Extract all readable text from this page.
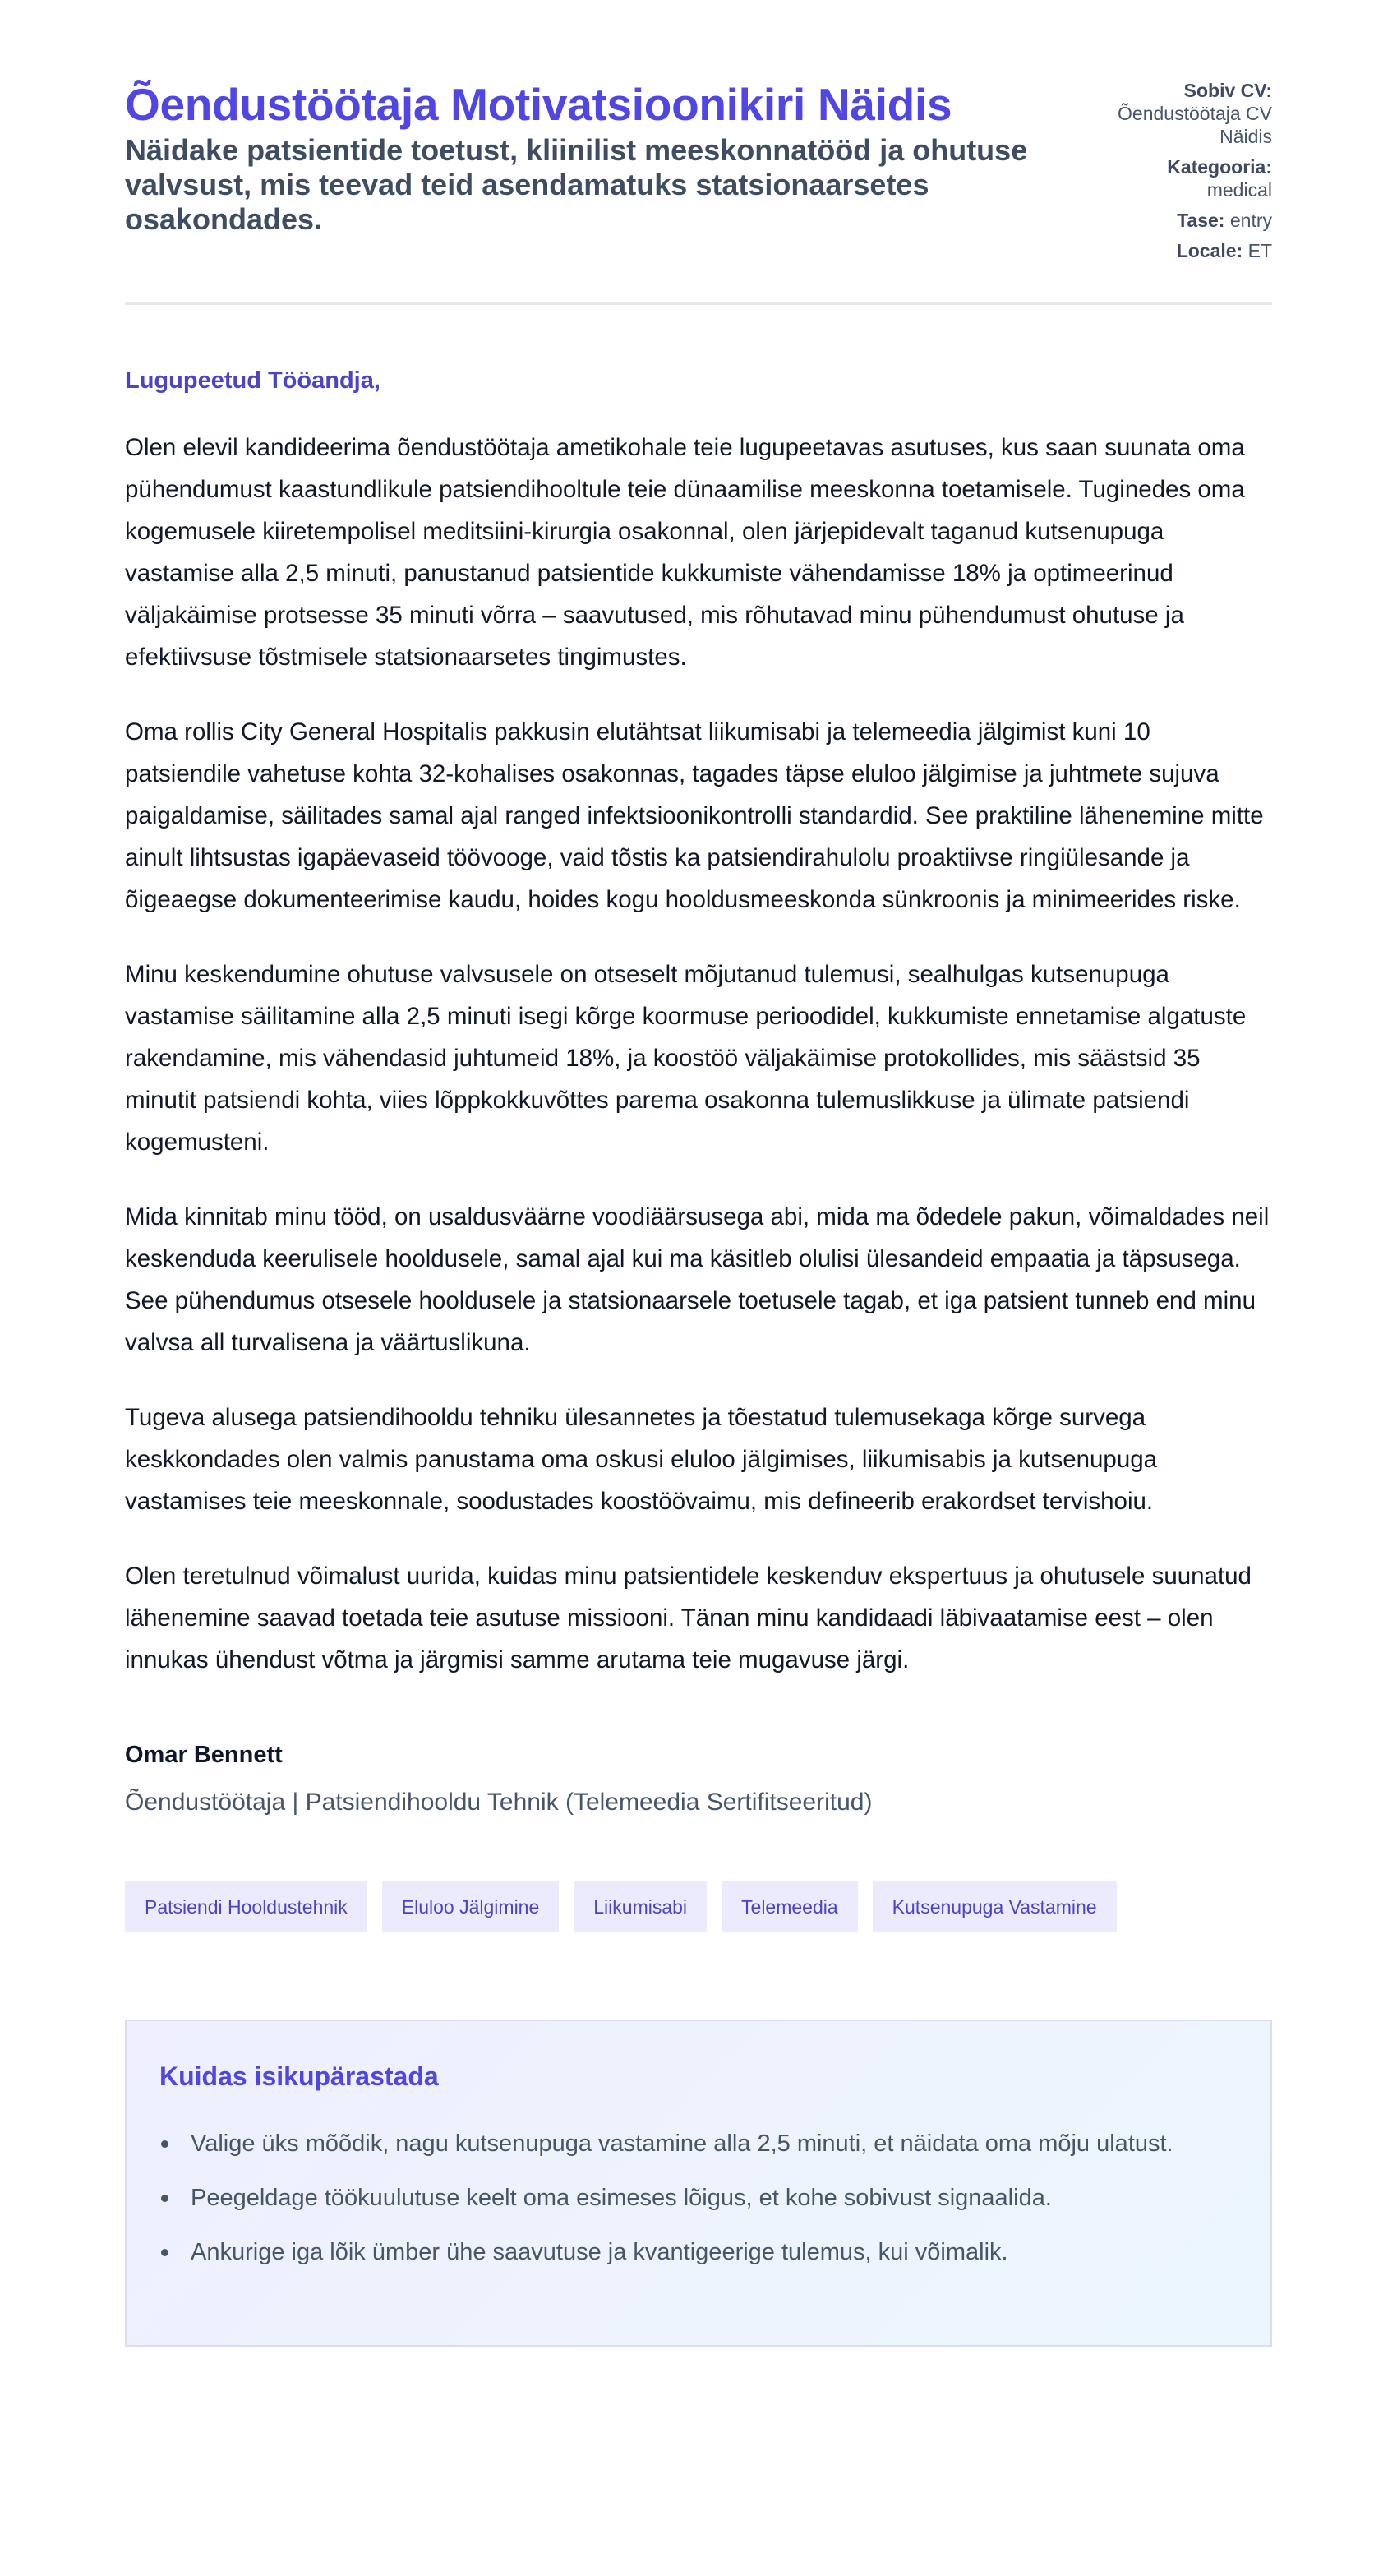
Õendustöötaja Motivatsioonikiri Näidis
Näidake patsientide toetust, kliinilist meeskonnatööd ja ohutuse valvsust, mis teevad teid asendamatuks statsionaarsetes osakondades.
Sobiv CV:
Õendustöötaja CV Näidis
Kategooria:
medical
Tase: entry
Locale: ET

Lugupeetud Tööandja,

Olen elevil kandideerima õendustöötaja ametikohale teie lugupeetavas asutuses, kus saan suunata oma pühendumust kaastundlikule patsiendihooltule teie dünaamilise meeskonna toetamisele. Tuginedes oma kogemusele kiiretempolisel meditsiini-kirurgia osakonnal, olen järjepidevalt taganud kutsenupuga vastamise alla 2,5 minuti, panustanud patsientide kukkumiste vähendamisse 18% ja optimeerinud väljakäimise protsesse 35 minuti võrra – saavutused, mis rõhutavad minu pühendumust ohutuse ja efektiivsuse tõstmisele statsionaarsetes tingimustes.

Oma rollis City General Hospitalis pakkusin elutähtsat liikumisabi ja telemeedia jälgimist kuni 10 patsiendile vahetuse kohta 32-kohalises osakonnas, tagades täpse eluloo jälgimise ja juhtmete sujuva paigaldamise, säilitades samal ajal ranged infektsioonikontrolli standardid. See praktiline lähenemine mitte ainult lihtsustas igapäevaseid töövooge, vaid tõstis ka patsiendirahulolu proaktiivse ringiülesande ja õigeaegse dokumenteerimise kaudu, hoides kogu hooldusmeeskonda sünkroonis ja minimeerides riske.

Minu keskendumine ohutuse valvsusele on otseselt mõjutanud tulemusi, sealhulgas kutsenupuga vastamise säilitamine alla 2,5 minuti isegi kõrge koormuse perioodidel, kukkumiste ennetamise algatuste rakendamine, mis vähendasid juhtumeid 18%, ja koostöö väljakäimise protokollides, mis säästsid 35 minutit patsiendi kohta, viies lõppkokkuvõttes parema osakonna tulemuslikkuse ja ülimate patsiendi kogemusteni.

Mida kinnitab minu tööd, on usaldusväärne voodiäärsusega abi, mida ma õdedele pakun, võimaldades neil keskenduda keerulisele hooldusele, samal ajal kui ma käsitleb olulisi ülesandeid empaatia ja täpsusega. See pühendumus otsesele hooldusele ja statsionaarsele toetusele tagab, et iga patsient tunneb end minu valvsa all turvalisena ja väärtuslikuna.

Tugeva alusega patsiendihooldu tehniku ülesannetes ja tõestatud tulemusekaga kõrge survega keskkondades olen valmis panustama oma oskusi eluloo jälgimises, liikumisabis ja kutsenupuga vastamises teie meeskonnale, soodustades koostöövaimu, mis defineerib erakordset tervishoiu.

Olen teretulnud võimalust uurida, kuidas minu patsientidele keskenduv ekspertuus ja ohutusele suunatud lähenemine saavad toetada teie asutuse missiooni. Tänan minu kandidaadi läbivaatamise eest – olen innukas ühendust võtma ja järgmisi samme arutama teie mugavuse järgi.

Omar Bennett
Õendustöötaja | Patsiendihooldu Tehnik (Telemeedia Sertifitseeritud)
Patsiendi Hooldustehnik	Eluloo Jälgimine	Liikumisabi	Telemeedia	Kutsenupuga Vastamine
Kuidas isikupärastada
Valige üks mõõdik, nagu kutsenupuga vastamine alla 2,5 minuti, et näidata oma mõju ulatust.
Peegeldage töökuulutuse keelt oma esimeses lõigus, et kohe sobivust signaalida.
Ankurige iga lõik ümber ühe saavutuse ja kvantigeerige tulemus, kui võimalik.
